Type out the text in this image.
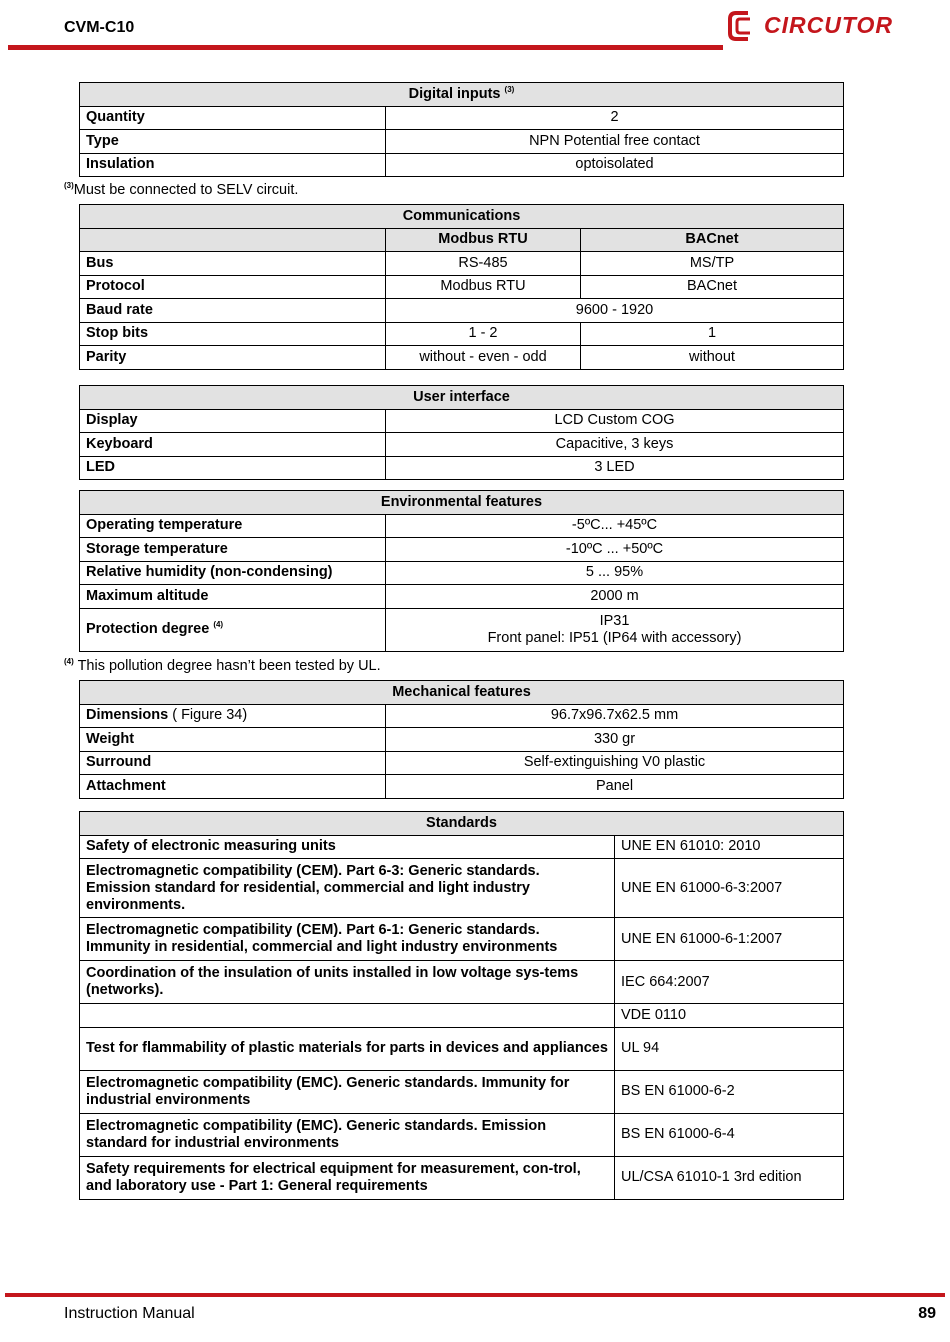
CVM-C10	CIRCUTOR
Digital inputs $^{(3)}$
Quantity	2
Type	NPN Potential free contact
Insulation	optoisolated
$^{(3)}$Must be connected to SELV circuit.
Communications		
	Modbus RTU	BACnet
Bus	RS-485	MS/TP
Protocol	Modbus RTU	BACnet
Baud rate	9600 - 1920	
Stop bits	1 - 2	1
Parity	without - even - odd	without
User interface	
Display	LCD Custom COG
Keyboard	Capacitive, 3 keys
LED	3 LED
Environmental features	
Operating temperature	-5ºC... +45ºC
Storage temperature	-10ºC ... +50ºC
Relative humidity (non-condensing)	5 ... 95%
Maximum altitude	2000 m
Protection degree $^{(4)}$	IP31
Front panel: IP51 (IP64 with accessory)
$^{(4)}$ This pollution degree hasn’t been tested by UL.
Mechanical features	
Dimensions ( Figure 34)	96.7x96.7x62.5 mm
Weight	330 gr
Surround	Self-extinguishing V0 plastic
Attachment	Panel
Standards	
Safety of electronic measuring units	UNE EN 61010: 2010
Electromagnetic compatibility (CEM). Part 6-3: Generic standards. Emission standard for residential, commercial and light industry environments.	UNE EN 61000-6-3:2007
Electromagnetic compatibility (CEM). Part 6-1: Generic standards. Immunity in residential, commercial and light industry environments	UNE EN 61000-6-1:2007
Coordination of the insulation of units installed in low voltage sys-tems (networks).	IEC 664:2007
	VDE 0110
Test for flammability of plastic materials for parts in devices and appliances	UL 94
Electromagnetic compatibility (EMC). Generic standards. Immunity for industrial environments	BS EN 61000-6-2
Electromagnetic compatibility (EMC). Generic standards. Emission standard for industrial environments	BS EN 61000-6-4
Safety requirements for electrical equipment for measurement, con-trol, and laboratory use - Part 1: General requirements	UL/CSA 61010-1 3rd edition
Instruction Manual	89
